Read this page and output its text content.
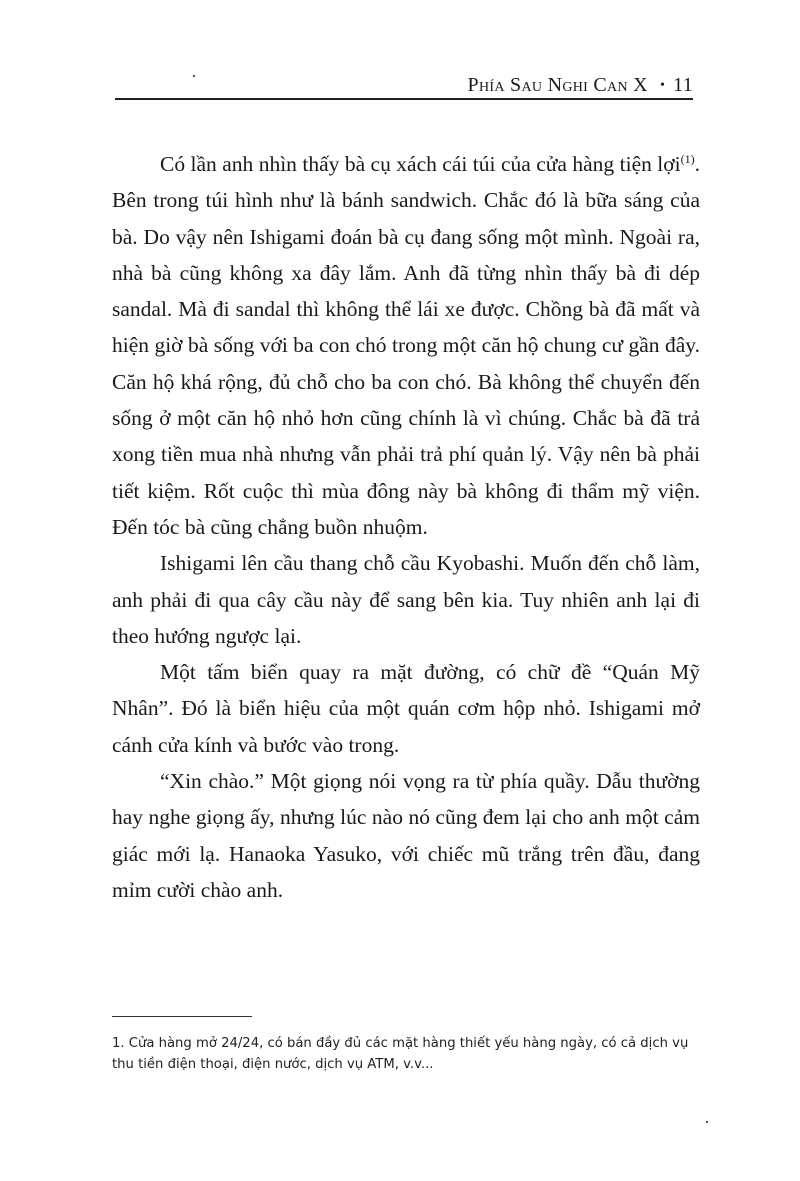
Phía Sau Nghi Can X • 11

Có lần anh nhìn thấy bà cụ xách cái túi của cửa hàng tiện lợi$^{(1)}$. Bên trong túi hình như là bánh sandwich. Chắc đó là bữa sáng của bà. Do vậy nên Ishigami đoán bà cụ đang sống một mình. Ngoài ra, nhà bà cũng không xa đây lắm. Anh đã từng nhìn thấy bà đi dép sandal. Mà đi sandal thì không thể lái xe được. Chồng bà đã mất và hiện giờ bà sống với ba con chó trong một căn hộ chung cư gần đây. Căn hộ khá rộng, đủ chỗ cho ba con chó. Bà không thể chuyển đến sống ở một căn hộ nhỏ hơn cũng chính là vì chúng. Chắc bà đã trả xong tiền mua nhà nhưng vẫn phải trả phí quản lý. Vậy nên bà phải tiết kiệm. Rốt cuộc thì mùa đông này bà không đi thẩm mỹ viện. Đến tóc bà cũng chẳng buồn nhuộm.

Ishigami lên cầu thang chỗ cầu Kyobashi. Muốn đến chỗ làm, anh phải đi qua cây cầu này để sang bên kia. Tuy nhiên anh lại đi theo hướng ngược lại.

Một tấm biển quay ra mặt đường, có chữ đề “Quán Mỹ Nhân”. Đó là biển hiệu của một quán cơm hộp nhỏ. Ishigami mở cánh cửa kính và bước vào trong.

“Xin chào.” Một giọng nói vọng ra từ phía quầy. Dẫu thường hay nghe giọng ấy, nhưng lúc nào nó cũng đem lại cho anh một cảm giác mới lạ. Hanaoka Yasuko, với chiếc mũ trắng trên đầu, đang mỉm cười chào anh.

1. Cửa hàng mở 24/24, có bán đầy đủ các mặt hàng thiết yếu hàng ngày, có cả dịch vụ thu tiền điện thoại, điện nước, dịch vụ ATM, v.v...
